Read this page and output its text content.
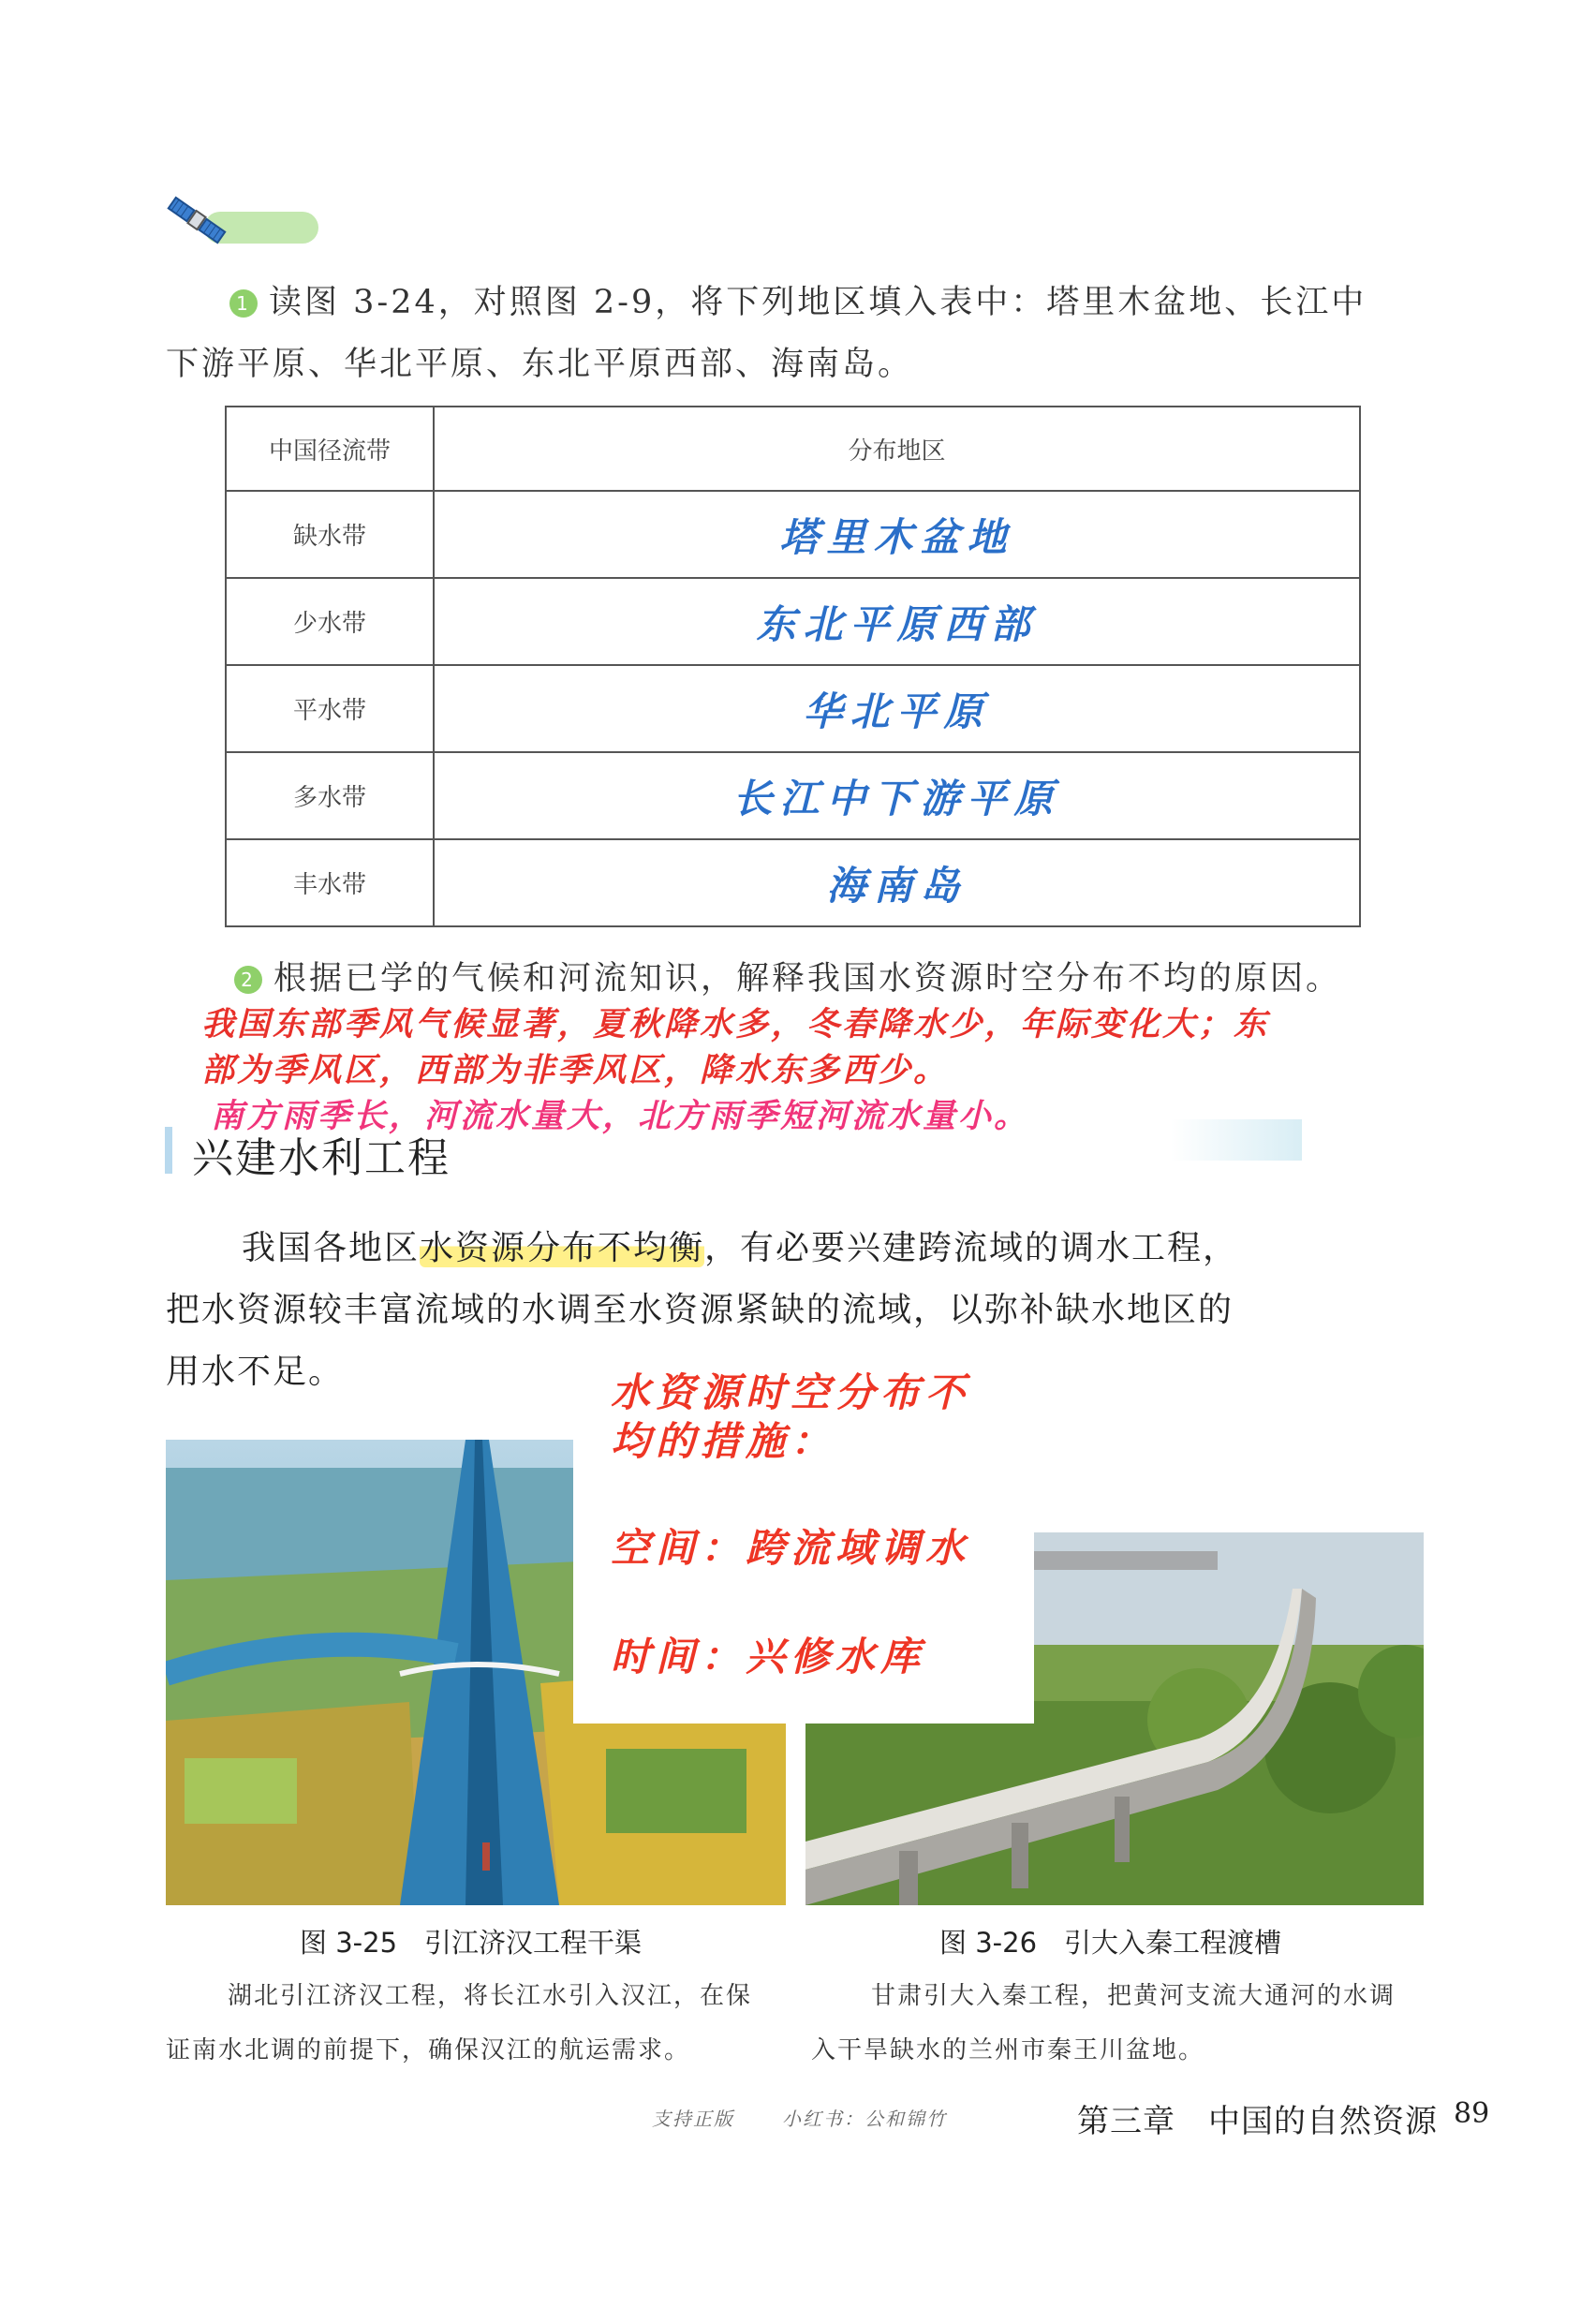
1 读图 3-24，对照图 2-9，将下列地区填入表中：塔里木盆地、长江中
下游平原、华北平原、东北平原西部、海南岛。
中国径流带	分布地区
缺水带	塔里木盆地
少水带	东北平原西部
平水带	华北平原
多水带	长江中下游平原
丰水带	海南岛
2 根据已学的气候和河流知识，解释我国水资源时空分布不均的原因。
我国东部季风气候显著，夏秋降水多，冬春降水少，年际变化大；东
部为季风区，西部为非季风区，降水东多西少。
南方雨季长，河流水量大，北方雨季短河流水量小。
兴建水利工程
我国各地区水资源分布不均衡，有必要兴建跨流域的调水工程，
把水资源较丰富流域的水调至水资源紧缺的流域，以弥补缺水地区的
用水不足。	水资源时空分布不
均的措施：
空间：跨流域调水
时间：兴修水库
图 3-25　引江济汉工程干渠
湖北引江济汉工程，将长江水引入汉江，在保
证南水北调的前提下，确保汉江的航运需求。
图 3-26　引大入秦工程渡槽
甘肃引大入秦工程，把黄河支流大通河的水调
入干旱缺水的兰州市秦王川盆地。
支持正版	小红书：公和锦竹	第三章　中国的自然资源 89
